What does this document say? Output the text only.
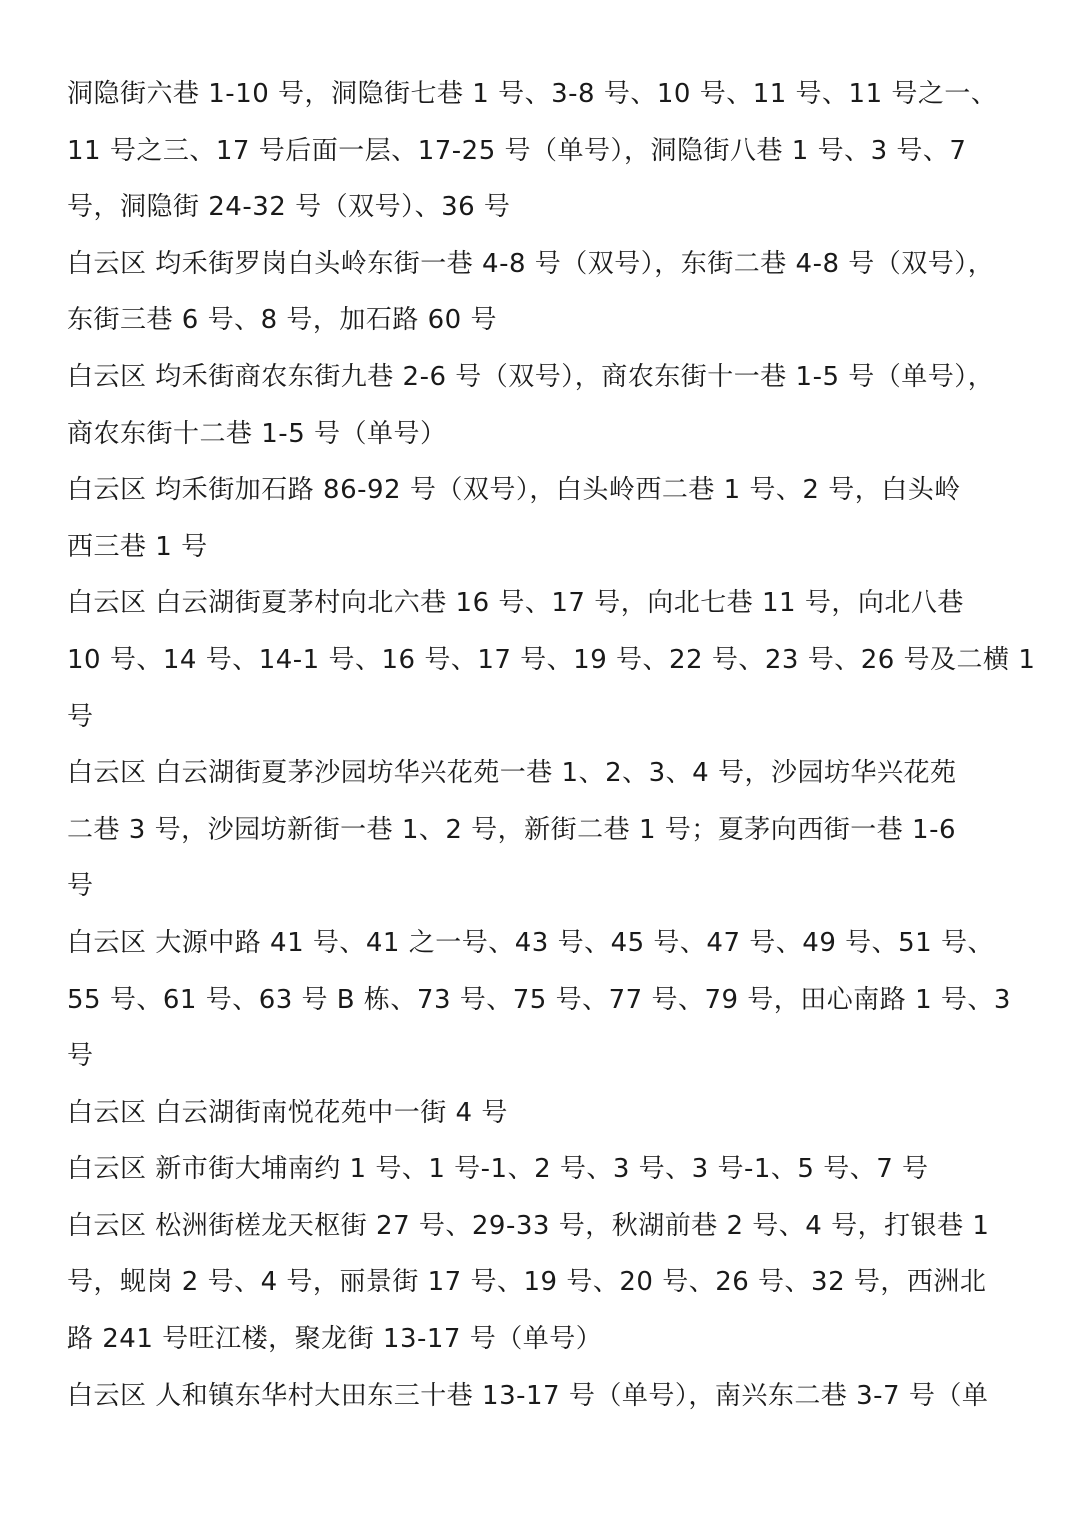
洞隐街六巷 1-10 号，洞隐街七巷 1 号、3-8 号、10 号、11 号、11 号之一、
11 号之三、17 号后面一层、17-25 号（单号），洞隐街八巷 1 号、3 号、7
号，洞隐街 24-32 号（双号）、36 号
白云区 均禾街罗岗白头岭东街一巷 4-8 号（双号），东街二巷 4-8 号（双号），
东街三巷 6 号、8 号，加石路 60 号
白云区 均禾街商农东街九巷 2-6 号（双号），商农东街十一巷 1-5 号（单号），
商农东街十二巷 1-5 号（单号）
白云区 均禾街加石路 86-92 号（双号），白头岭西二巷 1 号、2 号，白头岭
西三巷 1 号
白云区 白云湖街夏茅村向北六巷 16 号、17 号，向北七巷 11 号，向北八巷
10 号、14 号、14-1 号、16 号、17 号、19 号、22 号、23 号、26 号及二横 1
号
白云区 白云湖街夏茅沙园坊华兴花苑一巷 1、2、3、4 号，沙园坊华兴花苑
二巷 3 号，沙园坊新街一巷 1、2 号，新街二巷 1 号；夏茅向西街一巷 1-6
号
白云区 大源中路 41 号、41 之一号、43 号、45 号、47 号、49 号、51 号、
55 号、61 号、63 号 B 栋、73 号、75 号、77 号、79 号，田心南路 1 号、3
号
白云区 白云湖街南悦花苑中一街 4 号
白云区 新市街大埔南约 1 号、1 号-1、2 号、3 号、3 号-1、5 号、7 号
白云区 松洲街槎龙天枢街 27 号、29-33 号，秋湖前巷 2 号、4 号，打银巷 1
号，蚬岗 2 号、4 号，丽景街 17 号、19 号、20 号、26 号、32 号，西洲北
路 241 号旺江楼，聚龙街 13-17 号（单号）
白云区 人和镇东华村大田东三十巷 13-17 号（单号），南兴东二巷 3-7 号（单
